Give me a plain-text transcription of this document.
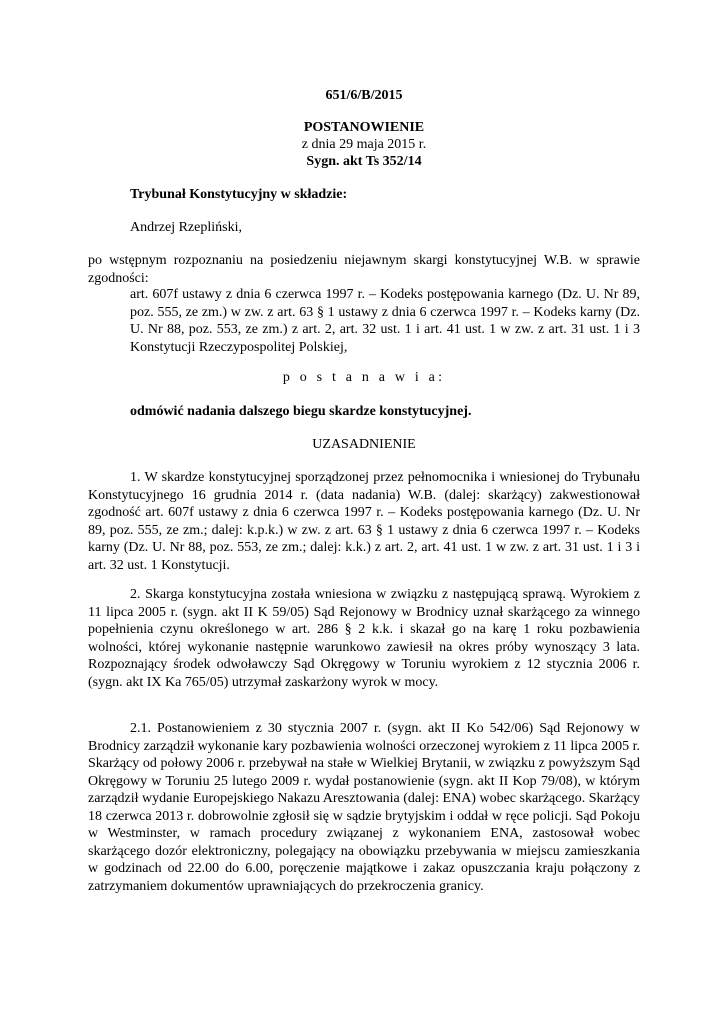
651/6/B/2015

POSTANOWIENIE

z dnia 29 maja 2015 r.

Sygn. akt Ts 352/14

Trybunał Konstytucyjny w składzie:

Andrzej Rzepliński,

po wstępnym rozpoznaniu na posiedzeniu niejawnym skargi konstytucyjnej W.B. w sprawie zgodności:

art. 607f ustawy z dnia 6 czerwca 1997 r. – Kodeks postępowania karnego (Dz. U. Nr 89, poz. 555, ze zm.) w zw. z art. 63 § 1 ustawy z dnia 6 czerwca 1997 r. – Kodeks karny (Dz. U. Nr 88, poz. 553, ze zm.) z art. 2, art. 32 ust. 1 i art. 41 ust. 1 w zw. z art. 31 ust. 1 i 3 Konstytucji Rzeczypospolitej Polskiej,

p o s t a n a w i a:

odmówić nadania dalszego biegu skardze konstytucyjnej.

UZASADNIENIE

1. W skardze konstytucyjnej sporządzonej przez pełnomocnika i wniesionej do Trybunału Konstytucyjnego 16 grudnia 2014 r. (data nadania) W.B. (dalej: skarżący) zakwestionował zgodność art. 607f ustawy z dnia 6 czerwca 1997 r. – Kodeks postępowania karnego (Dz. U. Nr 89, poz. 555, ze zm.; dalej: k.p.k.) w zw. z art. 63 § 1 ustawy z dnia 6 czerwca 1997 r. – Kodeks karny (Dz. U. Nr 88, poz. 553, ze zm.; dalej: k.k.) z art. 2, art. 41 ust. 1 w zw. z art. 31 ust. 1 i 3 i art. 32 ust. 1 Konstytucji.

2. Skarga konstytucyjna została wniesiona w związku z następującą sprawą. Wyrokiem z 11 lipca 2005 r. (sygn. akt II K 59/05) Sąd Rejonowy w Brodnicy uznał skarżącego za winnego popełnienia czynu określonego w art. 286 § 2 k.k. i skazał go na karę 1 roku pozbawienia wolności, której wykonanie następnie warunkowo zawiesił na okres próby wynoszący 3 lata. Rozpoznający środek odwoławczy Sąd Okręgowy w Toruniu wyrokiem z 12 stycznia 2006 r. (sygn. akt IX Ka 765/05) utrzymał zaskarżony wyrok w mocy.

2.1. Postanowieniem z 30 stycznia 2007 r. (sygn. akt II Ko 542/06) Sąd Rejonowy w Brodnicy zarządził wykonanie kary pozbawienia wolności orzeczonej wyrokiem z 11 lipca 2005 r. Skarżący od połowy 2006 r. przebywał na stałe w Wielkiej Brytanii, w związku z powyższym Sąd Okręgowy w Toruniu 25 lutego 2009 r. wydał postanowienie (sygn. akt II Kop 79/08), w którym zarządził wydanie Europejskiego Nakazu Aresztowania (dalej: ENA) wobec skarżącego. Skarżący 18 czerwca 2013 r. dobrowolnie zgłosił się w sądzie brytyjskim i oddał w ręce policji. Sąd Pokoju w Westminster, w ramach procedury związanej z wykonaniem ENA, zastosował wobec skarżącego dozór elektroniczny, polegający na obowiązku przebywania w miejscu zamieszkania w godzinach od 22.00 do 6.00, poręczenie majątkowe i zakaz opuszczania kraju połączony z zatrzymaniem dokumentów uprawniających do przekroczenia granicy.
